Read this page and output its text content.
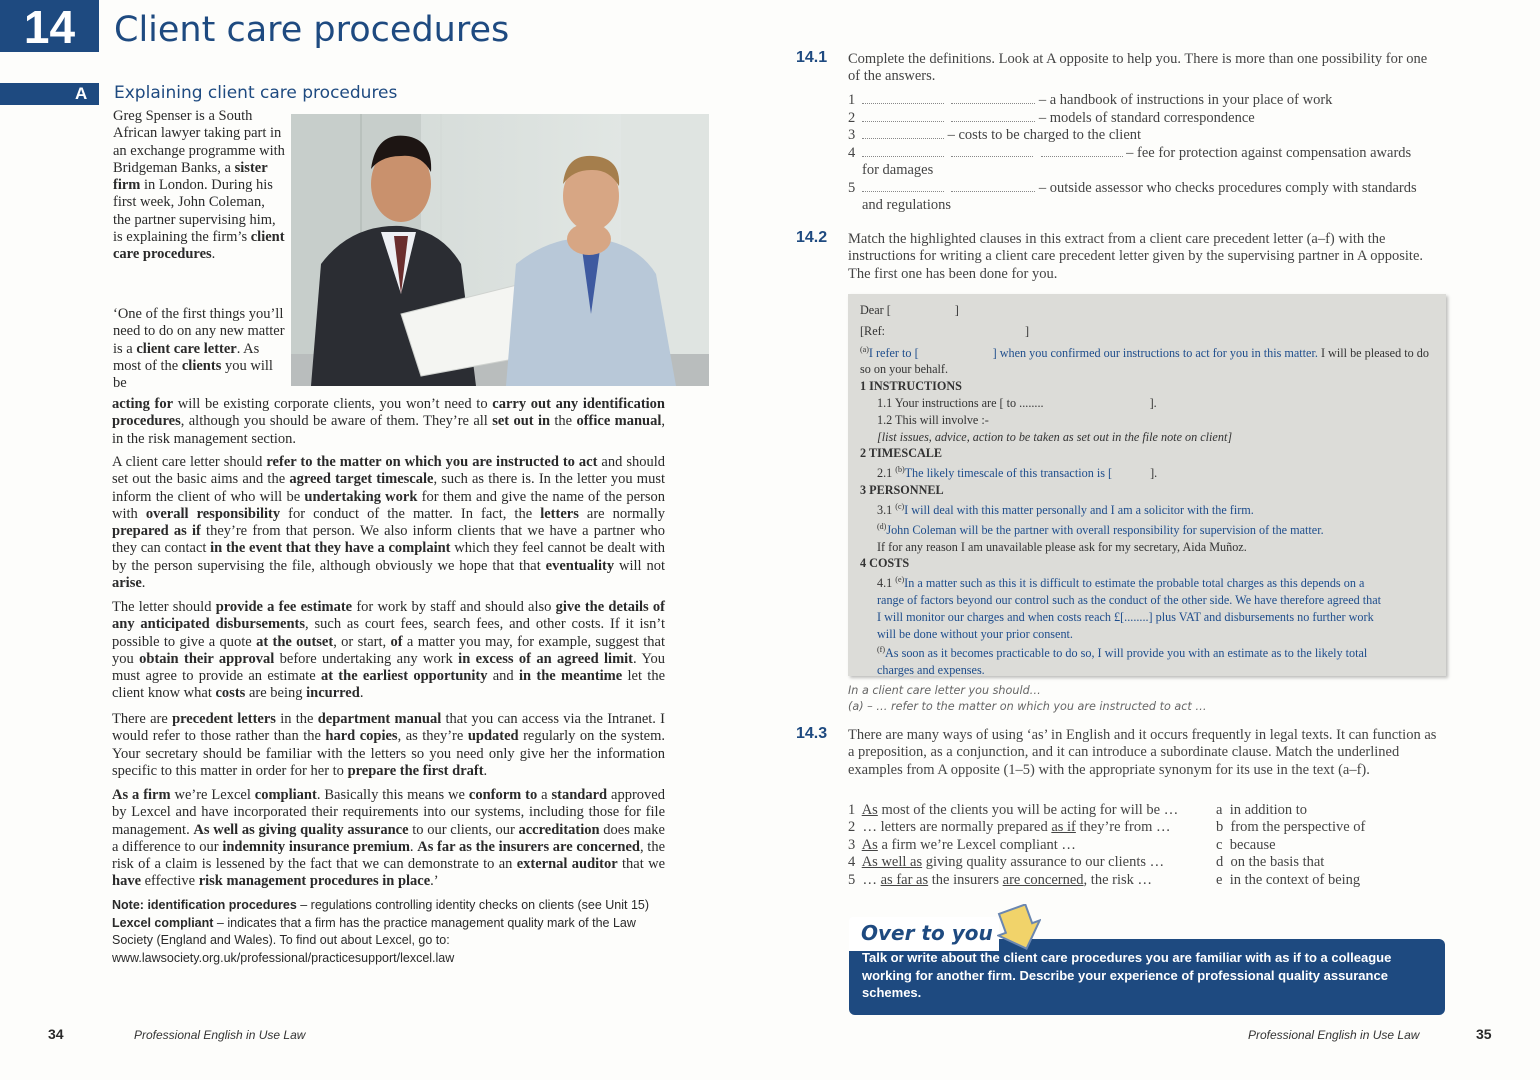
14	Client care procedures
A Explaining client care procedures

Greg Spenser is a South African lawyer taking part in an exchange programme with Bridgeman Banks, a sister firm in London. During his first week, John Coleman, the partner supervising him, is explaining the firm’s client care procedures.

‘One of the first things you’ll need to do on any new matter is a client care letter. As most of the clients you will be

acting for will be existing corporate clients, you won’t need to carry out any identification procedures, although you should be aware of them. They’re all set out in the office manual, in the risk management section.

A client care letter should refer to the matter on which you are instructed to act and should set out the basic aims and the agreed target timescale, such as there is. In the letter you must inform the client of who will be undertaking work for them and give the name of the person with overall responsibility for conduct of the matter. In fact, the letters are normally prepared as if they’re from that person. We also inform clients that we have a partner who they can contact in the event that they have a complaint which they feel cannot be dealt with by the person supervising the file, although obviously we hope that that eventuality will not arise.

The letter should provide a fee estimate for work by staff and should also give the details of any anticipated disbursements, such as court fees, search fees, and other costs. If it isn’t possible to give a quote at the outset, or start, of a matter you may, for example, suggest that you obtain their approval before undertaking any work in excess of an agreed limit. You must agree to provide an estimate at the earliest opportunity and in the meantime let the client know what costs are being incurred.

There are precedent letters in the department manual that you can access via the Intranet. I would refer to those rather than the hard copies, as they’re updated regularly on the system. Your secretary should be familiar with the letters so you need only give her the information specific to this matter in order for her to prepare the first draft.

As a firm we’re Lexcel compliant. Basically this means we conform to a standard approved by Lexcel and have incorporated their requirements into our systems, including those for file management. As well as giving quality assurance to our clients, our accreditation does make a difference to our indemnity insurance premium. As far as the insurers are concerned, the risk of a claim is lessened by the fact that we can demonstrate to an external auditor that we have effective risk management procedures in place.’

Note: identification procedures – regulations controlling identity checks on clients (see Unit 15)
Lexcel compliant – indicates that a firm has the practice management quality mark of the Law Society (England and Wales). To find out about Lexcel, go to:
www.lawsociety.org.uk/professional/practicesupport/lexcel.law
34	Professional English in Use Law
14.1 Complete the definitions. Look at A opposite to help you. There is more than one possibility for one of the answers.

1	– a handbook of instructions in your place of work
2	– models of standard correspondence
3	– costs to be charged to the client
4	– fee for protection against compensation awards
for damages
5	– outside assessor who checks procedures comply with standards
and regulations
14.2 Match the highlighted clauses in this extract from a client care precedent letter (a–f) with the instructions for writing a client care precedent letter given by the supervising partner in A opposite. The first one has been done for you.

Dear [	]
[Ref:	]
$^{(a)}$I refer to [	] when you confirmed our instructions to act for you in this matter. I will be pleased to do so on your behalf.
1 INSTRUCTIONS
1.1 Your instructions are [ to ........	].
1.2 This will involve :-
[list issues, advice, action to be taken as set out in the file note on client]
2 TIMESCALE
2.1 $^{(b)}$The likely timescale of this transaction is [	].
3 PERSONNEL
3.1 $^{(c)}$I will deal with this matter personally and I am a solicitor with the firm.
$^{(d)}$John Coleman will be the partner with overall responsibility for supervision of the matter.
If for any reason I am unavailable please ask for my secretary, Aida Muñoz.
4 COSTS
4.1 $^{(e)}$In a matter such as this it is difficult to estimate the probable total charges as this depends on a
range of factors beyond our control such as the conduct of the other side. We have therefore agreed that
I will monitor our charges and when costs reach £[........] plus VAT and disbursements no further work
will be done without your prior consent.
$^{(f)}$As soon as it becomes practicable to do so, I will provide you with an estimate as to the likely total
charges and expenses.
In a client care letter you should…
(a) – … refer to the matter on which you are instructed to act …
14.3 There are many ways of using ‘as’ in English and it occurs frequently in legal texts. It can function as a preposition, as a conjunction, and it can introduce a subordinate clause. Match the underlined examples from A opposite (1–5) with the appropriate synonym for its use in the text (a–f).

1 As most of the clients you will be acting for will be …
2 … letters are normally prepared as if they’re from …
3 As a firm we’re Lexcel compliant …
4 As well as giving quality assurance to our clients …
5 … as far as the insurers are concerned, the risk …
a in addition to
b from the perspective of
c because
d on the basis that
e in the context of being
Over to you
Talk or write about the client care procedures you are familiar with as if to a colleague working for another firm. Describe your experience of professional quality assurance schemes.
Professional English in Use Law	35
